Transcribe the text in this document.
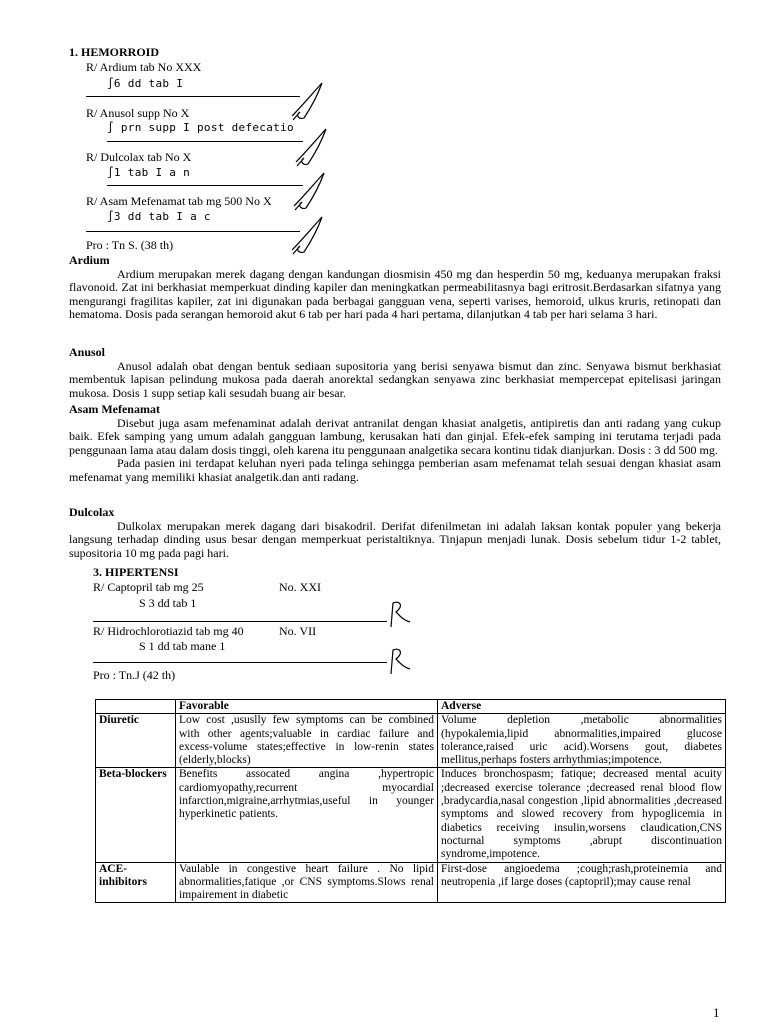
1. HEMORROID
R/ Ardium tab No XXX
∫6 dd tab I
R/ Anusol supp No X
∫ prn supp I post defecatio
R/ Dulcolax tab No X
∫1 tab I a n
R/ Asam Mefenamat tab mg 500 No X
∫3 dd tab I a c
Pro : Tn S. (38 th)
Ardium

Ardium merupakan merek dagang dengan kandungan diosmisin 450 mg dan hesperdin 50 mg, keduanya merupakan fraksi flavonoid. Zat ini berkhasiat memperkuat dinding kapiler dan meningkatkan permeabilitasnya bagi eritrosit.Berdasarkan sifatnya yang mengurangi fragilitas kapiler, zat ini digunakan pada berbagai gangguan vena, seperti varises, hemoroid, ulkus kruris, retinopati dan hematoma. Dosis pada serangan hemoroid akut 6 tab per hari pada 4 hari pertama, dilanjutkan 4 tab per hari selama 3 hari.

Anusol

Anusol adalah obat dengan bentuk sediaan supositoria yang berisi senyawa bismut dan zinc. Senyawa bismut berkhasiat membentuk lapisan pelindung mukosa pada daerah anorektal sedangkan senyawa zinc berkhasiat mempercepat epitelisasi jaringan mukosa. Dosis 1 supp setiap kali sesudah buang air besar.

Asam Mefenamat

Disebut juga asam mefenaminat adalah derivat antranilat dengan khasiat analgetis, antipiretis dan anti radang yang cukup baik. Efek samping yang umum adalah gangguan lambung, kerusakan hati dan ginjal. Efek-efek samping ini terutama terjadi pada penggunaan lama atau dalam dosis tinggi, oleh karena itu penggunaan analgetika secara kontinu tidak dianjurkan. Dosis : 3 dd 500 mg.

Pada pasien ini terdapat keluhan nyeri pada telinga sehingga pemberian asam mefenamat telah sesuai dengan khasiat asam mefenamat yang memiliki khasiat analgetik.dan anti radang.

Dulcolax

Dulkolax merupakan merek dagang dari bisakodril. Derifat difenilmetan ini adalah laksan kontak populer yang bekerja langsung terhadap dinding usus besar dengan memperkuat peristaltiknya. Tinjapun menjadi lunak. Dosis sebelum tidur 1-2 tablet, supositoria 10 mg pada pagi hari.

3. HIPERTENSI
R/ Captopril tab mg 25	No. XXI
S 3 dd tab 1
R/ Hidrochlorotiazid tab mg 40	No. VII
S 1 dd tab mane 1
Pro : Tn.J (42 th)
	Favorable	Adverse
Diuretic	Low cost ,ususlly few symptoms can be combined with other agents;valuable in cardiac failure and excess-volume states;effective in low-renin states (elderly,blocks)	Volume depletion ,metabolic abnormalities (hypokalemia,lipid abnormalities,impaired glucose tolerance,raised uric acid).Worsens gout, diabetes mellitus,perhaps fosters arrhythmias;impotence.
Beta-blockers	Benefits assocated angina ,hypertropic cardiomyopathy,recurrent myocardial infarction,migraine,arrhytmias,useful in younger hyperkinetic patients.	Induces bronchospasm; fatique; decreased mental acuity ;decreased exercise tolerance ;decreased renal blood flow ,bradycardia,nasal congestion ,lipid abnormalities ,decreased symptoms and slowed recovery from hypoglicemia in diabetics receiving insulin,worsens claudication,CNS nocturnal symptoms ,abrupt discontinuation syndrome,impotence.
ACE-inhibitors	Vaulable in congestive heart failure . No lipid abnormalities,fatique ,or CNS symptoms.Slows renal impairement in diabetic	First-dose angioedema ;cough;rash,proteinemia and neutropenia ,if large doses (captopril);may cause renal
1
